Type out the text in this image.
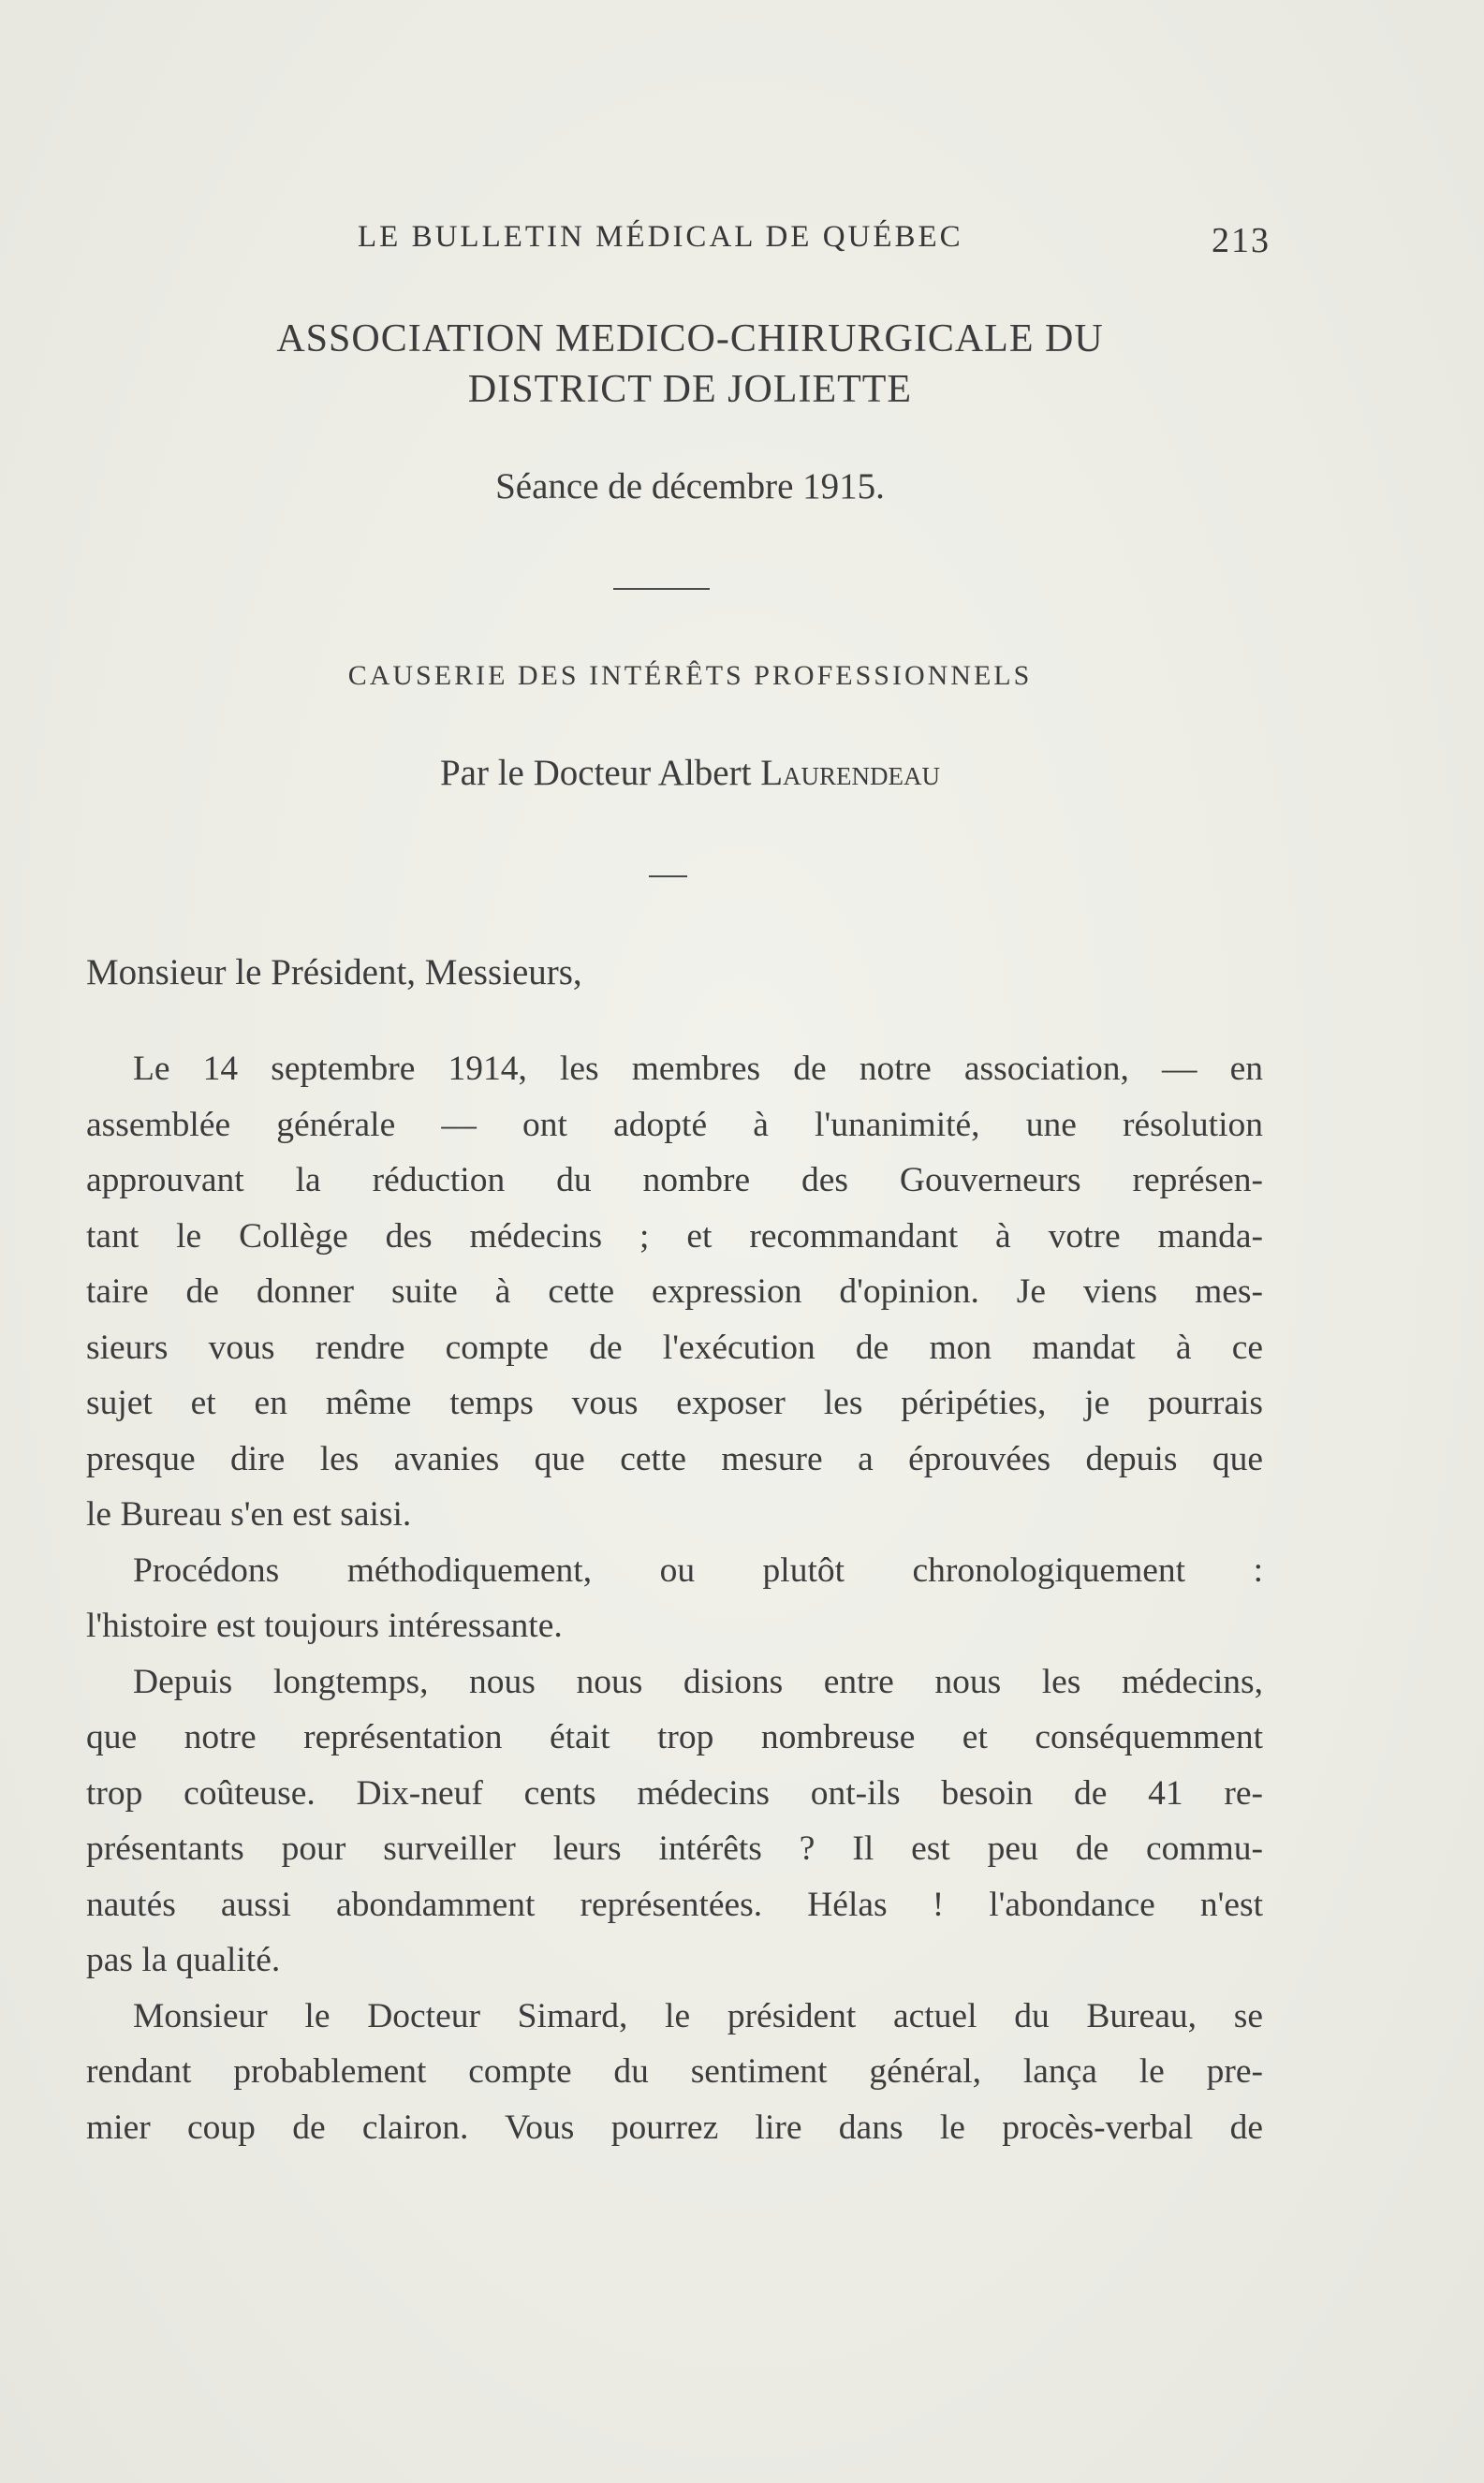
LE BULLETIN MÉDICAL DE QUÉBEC	213
ASSOCIATION MEDICO-CHIRURGICALE DU
DISTRICT DE JOLIETTE
Séance de décembre 1915.
CAUSERIE DES INTÉRÊTS PROFESSIONNELS
Par le Docteur Albert Laurendeau
Monsieur le Président, Messieurs,
Le 14 septembre 1914, les membres de notre association, — en
assemblée générale — ont adopté à l'unanimité, une résolution
approuvant la réduction du nombre des Gouverneurs représen-
tant le Collège des médecins ; et recommandant à votre manda-
taire de donner suite à cette expression d'opinion. Je viens mes-
sieurs vous rendre compte de l'exécution de mon mandat à ce
sujet et en même temps vous exposer les péripéties, je pourrais
presque dire les avanies que cette mesure a éprouvées depuis que
le Bureau s'en est saisi.
Procédons méthodiquement, ou plutôt chronologiquement :
l'histoire est toujours intéressante.
Depuis longtemps, nous nous disions entre nous les médecins,
que notre représentation était trop nombreuse et conséquemment
trop coûteuse. Dix-neuf cents médecins ont-ils besoin de 41 re-
présentants pour surveiller leurs intérêts ? Il est peu de commu-
nautés aussi abondamment représentées. Hélas ! l'abondance n'est
pas la qualité.
Monsieur le Docteur Simard, le président actuel du Bureau, se
rendant probablement compte du sentiment général, lança le pre-
mier coup de clairon. Vous pourrez lire dans le procès-verbal de
